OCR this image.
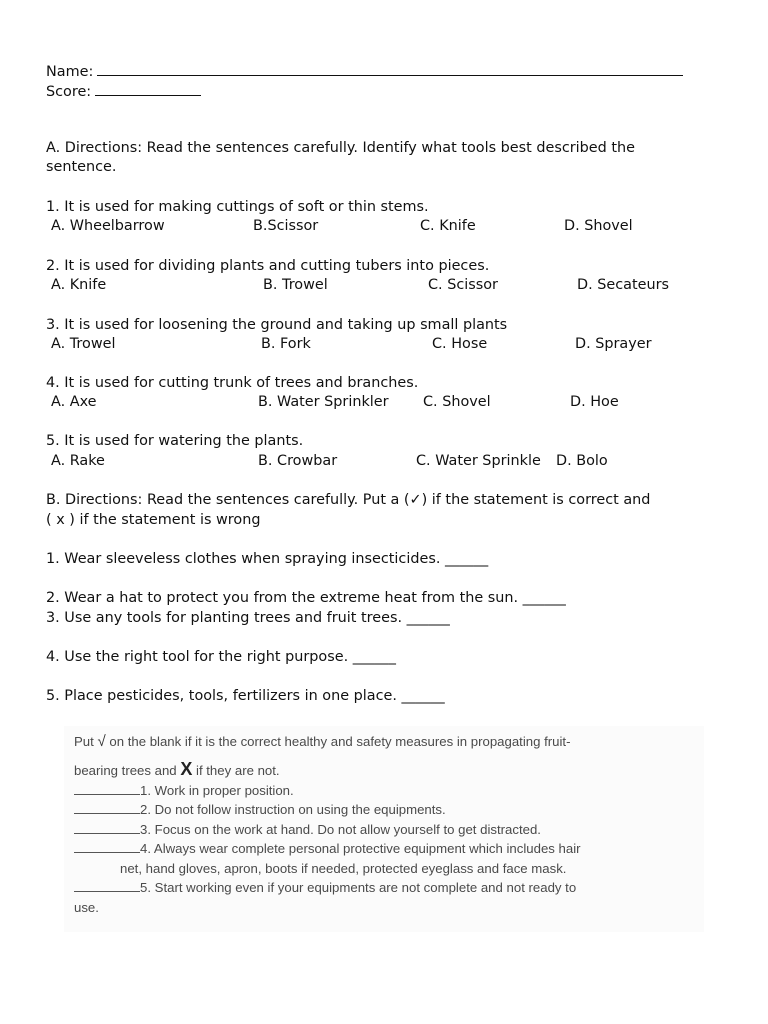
Name:
Score:
A. Directions: Read the sentences carefully. Identify what tools best described the
sentence.
1. It is used for making cuttings of soft or thin stems.
A. Wheelbarrow	B.Scissor	C. Knife	D. Shovel
2. It is used for dividing plants and cutting tubers into pieces.
A. Knife	B. Trowel	C. Scissor	D. Secateurs
3. It is used for loosening the ground and taking up small plants
A. Trowel	B. Fork	C. Hose	D. Sprayer
4. It is used for cutting trunk of trees and branches.
A. Axe	B. Water Sprinkler C. Shovel	D. Hoe
5. It is used for watering the plants.
A. Rake	B. Crowbar	C. Water Sprinkle D. Bolo
B. Directions: Read the sentences carefully. Put a (✓) if the statement is correct and
( x ) if the statement is wrong
1. Wear sleeveless clothes when spraying insecticides. ______
2. Wear a hat to protect you from the extreme heat from the sun. ______
3. Use any tools for planting trees and fruit trees. ______
4. Use the right tool for the right purpose. ______
5. Place pesticides, tools, fertilizers in one place. ______
Put √ on the blank if it is the correct healthy and safety measures in propagating fruit-
bearing trees and X if they are not.
1. Work in proper position.
2. Do not follow instruction on using the equipments.
3. Focus on the work at hand. Do not allow yourself to get distracted.
4. Always wear complete personal protective equipment which includes hair
net, hand gloves, apron, boots if needed, protected eyeglass and face mask.
5. Start working even if your equipments are not complete and not ready to
use.
